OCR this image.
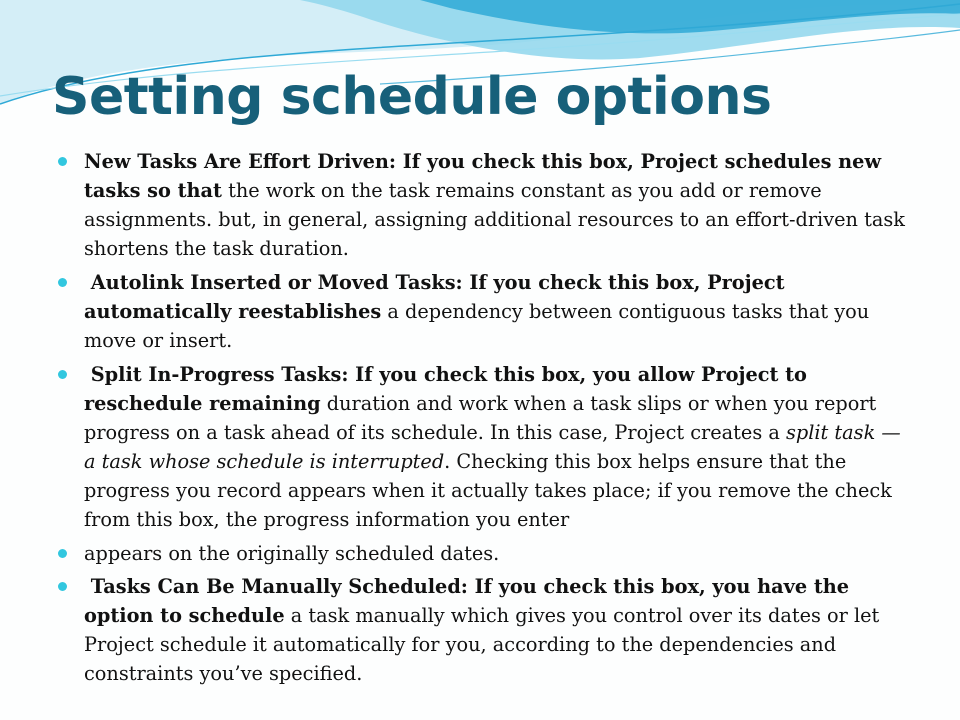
Setting schedule options
New Tasks Are Effort Driven: If you check this box, Project schedules new tasks so that the work on the task remains constant as you add or remove assignments. but, in general, assigning additional resources to an effort-driven task shortens the task duration.
Autolink Inserted or Moved Tasks: If you check this box, Project automatically reestablishes a dependency between contiguous tasks that you move or insert.
Split In-Progress Tasks: If you check this box, you allow Project to reschedule remaining duration and work when a task slips or when you report progress on a task ahead of its schedule. In this case, Project creates a split task — a task whose schedule is interrupted. Checking this box helps ensure that the progress you record appears when it actually takes place; if you remove the check from this box, the progress information you enter
appears on the originally scheduled dates.
Tasks Can Be Manually Scheduled: If you check this box, you have the option to schedule a task manually which gives you control over its dates or let Project schedule it automatically for you, according to the dependencies and constraints you’ve specified.
